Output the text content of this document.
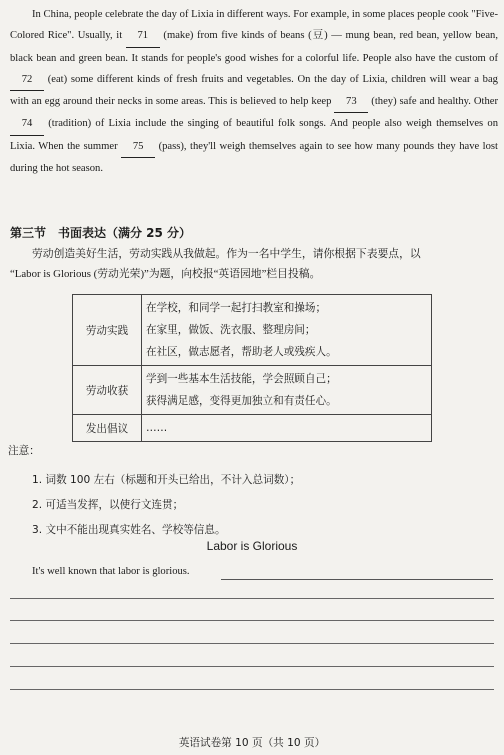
In China, people celebrate the day of Lixia in different ways. For example, in some places people cook "Five-Colored Rice". Usually, it 71 (make) from five kinds of beans (豆) — mung bean, red bean, yellow bean, black bean and green bean. It stands for people's good wishes for a colorful life. People also have the custom of 72 (eat) some different kinds of fresh fruits and vegetables. On the day of Lixia, children will wear a bag with an egg around their necks in some areas. This is believed to help keep 73 (they) safe and healthy. Other 74 (tradition) of Lixia include the singing of beautiful folk songs. And people also weigh themselves on Lixia. When the summer 75 (pass), they'll weigh themselves again to see how many pounds they have lost during the hot season.
第三节　书面表达（满分 25 分）

劳动创造美好生活，劳动实践从我做起。作为一名中学生，请你根据下表要点，以

“Labor is Glorious (劳动光荣)”为题，向校报“英语园地”栏目投稿。

劳动实践	在学校，和同学一起打扫教室和操场；
在家里，做饭、洗衣服、整理房间；
在社区，做志愿者，帮助老人或残疾人。

劳动收获	学到一些基本生活技能，学会照顾自己；
获得满足感，变得更加独立和有责任心。

发出倡议	……
注意：
1. 词数 100 左右（标题和开头已给出，不计入总词数）；
2. 可适当发挥，以使行文连贯；
3. 文中不能出现真实姓名、学校等信息。
Labor is Glorious
It's well known that labor is glorious.
英语试卷第 10 页（共 10 页）
